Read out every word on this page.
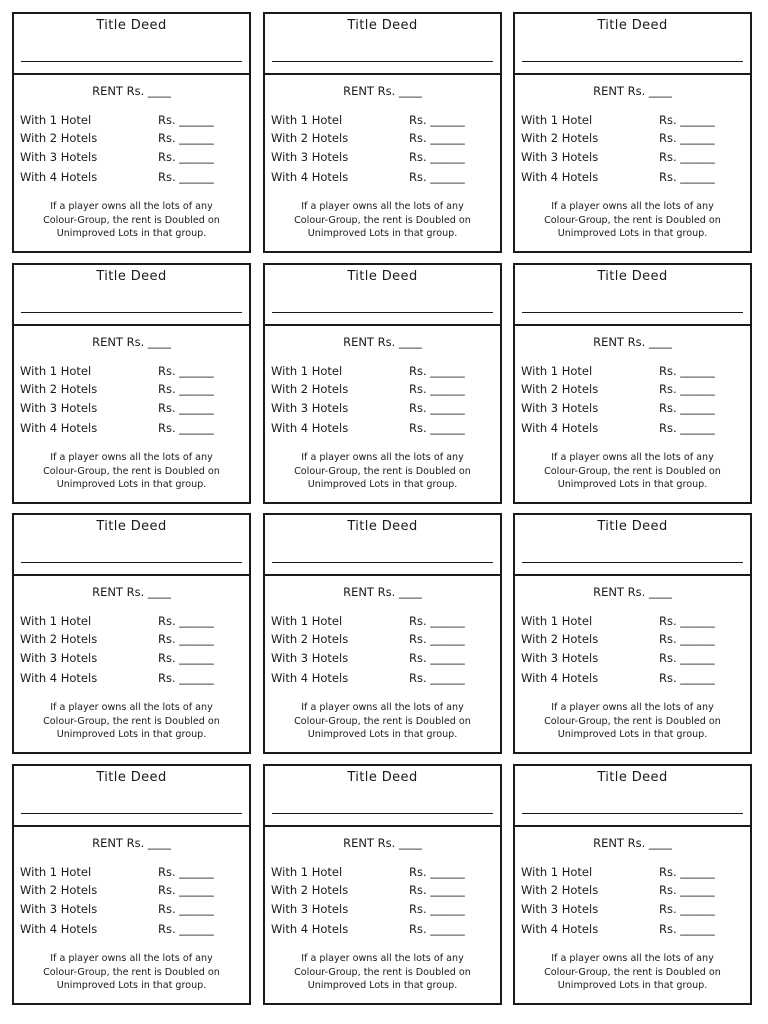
Title Deed
RENT Rs. ____
With 1 Hotel	Rs. ______
With 2 Hotels	Rs. ______
With 3 Hotels	Rs. ______
With 4 Hotels	Rs. ______
If a player owns all the lots of any
Colour-Group, the rent is Doubled on
Unimproved Lots in that group.
Title Deed
RENT Rs. ____
With 1 Hotel	Rs. ______
With 2 Hotels	Rs. ______
With 3 Hotels	Rs. ______
With 4 Hotels	Rs. ______
If a player owns all the lots of any
Colour-Group, the rent is Doubled on
Unimproved Lots in that group.
Title Deed
RENT Rs. ____
With 1 Hotel	Rs. ______
With 2 Hotels	Rs. ______
With 3 Hotels	Rs. ______
With 4 Hotels	Rs. ______
If a player owns all the lots of any
Colour-Group, the rent is Doubled on
Unimproved Lots in that group.
Title Deed
RENT Rs. ____
With 1 Hotel	Rs. ______
With 2 Hotels	Rs. ______
With 3 Hotels	Rs. ______
With 4 Hotels	Rs. ______
If a player owns all the lots of any
Colour-Group, the rent is Doubled on
Unimproved Lots in that group.
Title Deed
RENT Rs. ____
With 1 Hotel	Rs. ______
With 2 Hotels	Rs. ______
With 3 Hotels	Rs. ______
With 4 Hotels	Rs. ______
If a player owns all the lots of any
Colour-Group, the rent is Doubled on
Unimproved Lots in that group.
Title Deed
RENT Rs. ____
With 1 Hotel	Rs. ______
With 2 Hotels	Rs. ______
With 3 Hotels	Rs. ______
With 4 Hotels	Rs. ______
If a player owns all the lots of any
Colour-Group, the rent is Doubled on
Unimproved Lots in that group.
Title Deed
RENT Rs. ____
With 1 Hotel	Rs. ______
With 2 Hotels	Rs. ______
With 3 Hotels	Rs. ______
With 4 Hotels	Rs. ______
If a player owns all the lots of any
Colour-Group, the rent is Doubled on
Unimproved Lots in that group.
Title Deed
RENT Rs. ____
With 1 Hotel	Rs. ______
With 2 Hotels	Rs. ______
With 3 Hotels	Rs. ______
With 4 Hotels	Rs. ______
If a player owns all the lots of any
Colour-Group, the rent is Doubled on
Unimproved Lots in that group.
Title Deed
RENT Rs. ____
With 1 Hotel	Rs. ______
With 2 Hotels	Rs. ______
With 3 Hotels	Rs. ______
With 4 Hotels	Rs. ______
If a player owns all the lots of any
Colour-Group, the rent is Doubled on
Unimproved Lots in that group.
Title Deed
RENT Rs. ____
With 1 Hotel	Rs. ______
With 2 Hotels	Rs. ______
With 3 Hotels	Rs. ______
With 4 Hotels	Rs. ______
If a player owns all the lots of any
Colour-Group, the rent is Doubled on
Unimproved Lots in that group.
Title Deed
RENT Rs. ____
With 1 Hotel	Rs. ______
With 2 Hotels	Rs. ______
With 3 Hotels	Rs. ______
With 4 Hotels	Rs. ______
If a player owns all the lots of any
Colour-Group, the rent is Doubled on
Unimproved Lots in that group.
Title Deed
RENT Rs. ____
With 1 Hotel	Rs. ______
With 2 Hotels	Rs. ______
With 3 Hotels	Rs. ______
With 4 Hotels	Rs. ______
If a player owns all the lots of any
Colour-Group, the rent is Doubled on
Unimproved Lots in that group.
